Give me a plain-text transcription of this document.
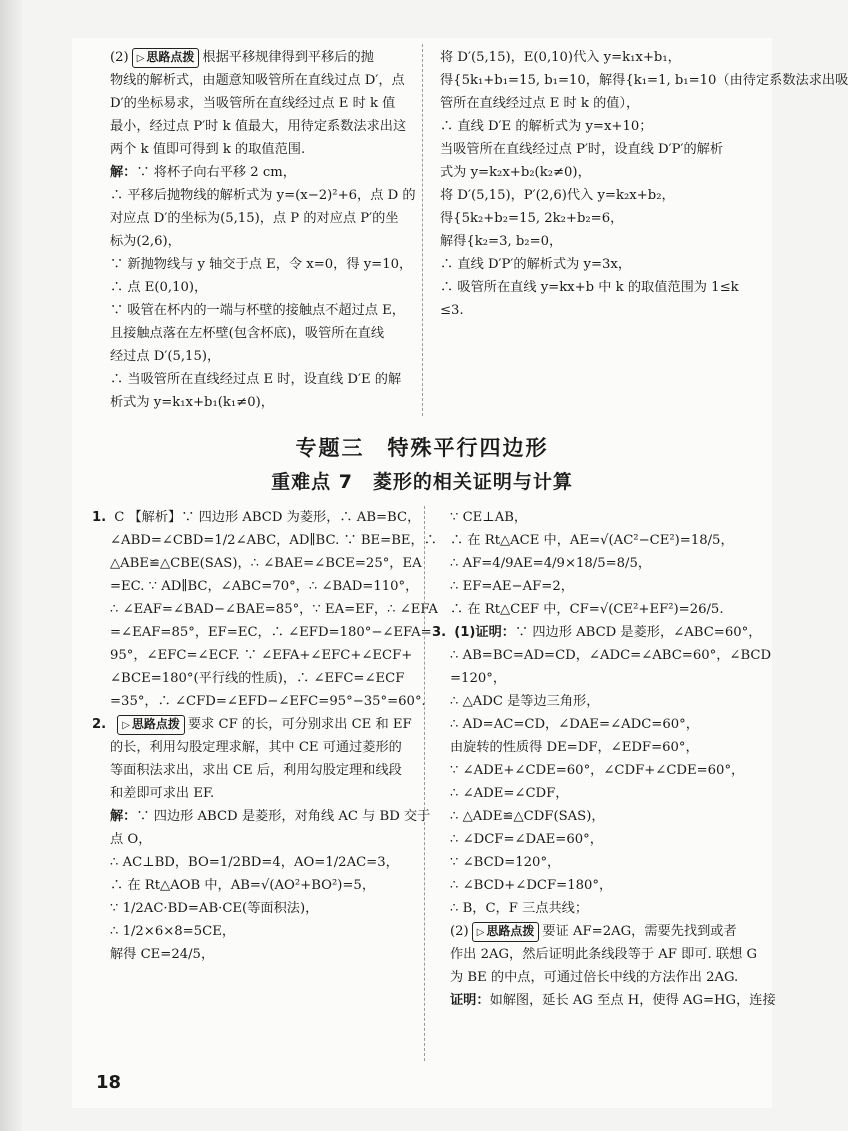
(2) ▷ 思路点拨 根据平移规律得到平移后的抛

物线的解析式，由题意知吸管所在直线过点 D′，点

D′的坐标易求，当吸管所在直线经过点 E 时 k 值

最小，经过点 P′时 k 值最大，用待定系数法求出这

两个 k 值即可得到 k 的取值范围.

解：∵ 将杯子向右平移 2 cm，

∴ 平移后抛物线的解析式为 y=(x−2)²+6，点 D 的

对应点 D′的坐标为(5,15)，点 P 的对应点 P′的坐

标为(2,6)，

∵ 新抛物线与 y 轴交于点 E，令 x=0，得 y=10，

∴ 点 E(0,10)，

∵ 吸管在杯内的一端与杯壁的接触点不超过点 E，

且接触点落在左杯壁(包含杯底)，吸管所在直线

经过点 D′(5,15)，

∴ 当吸管所在直线经过点 E 时，设直线 D′E 的解

析式为 y=k₁x+b₁(k₁≠0)，

将 D′(5,15)，E(0,10)代入 y=k₁x+b₁，

得{5k₁+b₁=15, b₁=10，解得{k₁=1, b₁=10（由待定系数法求出吸

管所在直线经过点 E 时 k 的值），

∴ 直线 D′E 的解析式为 y=x+10；

当吸管所在直线经过点 P′时，设直线 D′P′的解析

式为 y=k₂x+b₂(k₂≠0)，

将 D′(5,15)，P′(2,6)代入 y=k₂x+b₂，

得{5k₂+b₂=15, 2k₂+b₂=6，

解得{k₂=3, b₂=0，

∴ 直线 D′P′的解析式为 y=3x，

∴ 吸管所在直线 y=kx+b 中 k 的取值范围为 1≤k

≤3.

专题三　特殊平行四边形
重难点 7　菱形的相关证明与计算

1. C 【解析】∵ 四边形 ABCD 为菱形，∴ AB=BC，

∠ABD=∠CBD=1/2∠ABC，AD∥BC. ∵ BE=BE，∴

△ABE≌△CBE(SAS)，∴ ∠BAE=∠BCE=25°，EA

=EC. ∵ AD∥BC，∠ABC=70°，∴ ∠BAD=110°，

∴ ∠EAF=∠BAD−∠BAE=85°，∵ EA=EF，∴ ∠EFA

=∠EAF=85°，EF=EC，∴ ∠EFD=180°−∠EFA=

95°，∠EFC=∠ECF. ∵ ∠EFA+∠EFC+∠ECF+

∠BCE=180°(平行线的性质)，∴ ∠EFC=∠ECF

=35°，∴ ∠CFD=∠EFD−∠EFC=95°−35°=60°.

2. ▷ 思路点拨 要求 CF 的长，可分别求出 CE 和 EF

的长，利用勾股定理求解，其中 CE 可通过菱形的

等面积法求出，求出 CE 后，利用勾股定理和线段

和差即可求出 EF.

解：∵ 四边形 ABCD 是菱形，对角线 AC 与 BD 交于

点 O，

∴ AC⊥BD，BO=1/2BD=4，AO=1/2AC=3，

∴ 在 Rt△AOB 中，AB=√(AO²+BO²)=5，

∵ 1/2AC·BD=AB·CE(等面积法)，

∴ 1/2×6×8=5CE，

解得 CE=24/5，

∵ CE⊥AB，

∴ 在 Rt△ACE 中，AE=√(AC²−CE²)=18/5，

∴ AF=4/9AE=4/9×18/5=8/5，

∴ EF=AE−AF=2，

∴ 在 Rt△CEF 中，CF=√(CE²+EF²)=26/5.

3. (1)证明：∵ 四边形 ABCD 是菱形，∠ABC=60°，

∴ AB=BC=AD=CD，∠ADC=∠ABC=60°，∠BCD

=120°，

∴ △ADC 是等边三角形，

∴ AD=AC=CD，∠DAE=∠ADC=60°，

由旋转的性质得 DE=DF，∠EDF=60°，

∵ ∠ADE+∠CDE=60°，∠CDF+∠CDE=60°，

∴ ∠ADE=∠CDF，

∴ △ADE≌△CDF(SAS)，

∴ ∠DCF=∠DAE=60°，

∵ ∠BCD=120°，

∴ ∠BCD+∠DCF=180°，

∴ B，C，F 三点共线；

(2) ▷ 思路点拨 要证 AF=2AG，需要先找到或者

作出 2AG，然后证明此条线段等于 AF 即可. 联想 G

为 BE 的中点，可通过倍长中线的方法作出 2AG.

证明：如解图，延长 AG 至点 H，使得 AG=HG，连接

18
